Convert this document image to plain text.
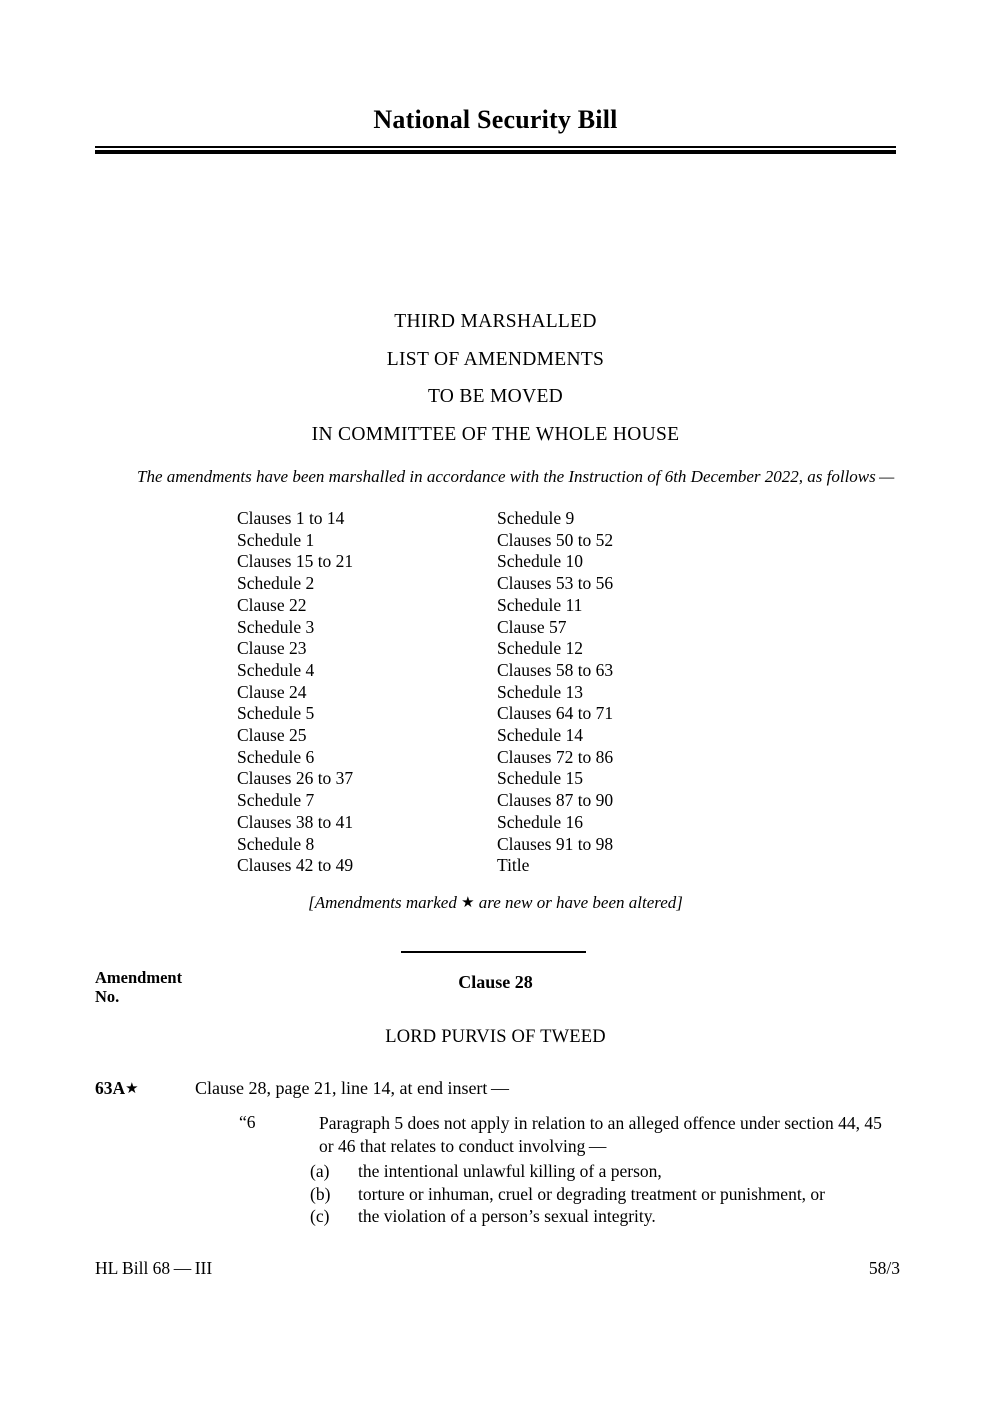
National Security Bill
THIRD MARSHALLED
LIST OF AMENDMENTS
TO BE MOVED
IN COMMITTEE OF THE WHOLE HOUSE
The amendments have been marshalled in accordance with the Instruction of 6th December 2022, as follows —
Clauses 1 to 14
Schedule 1
Clauses 15 to 21
Schedule 2
Clause 22
Schedule 3
Clause 23
Schedule 4
Clause 24
Schedule 5
Clause 25
Schedule 6
Clauses 26 to 37
Schedule 7
Clauses 38 to 41
Schedule 8
Clauses 42 to 49
Schedule 9
Clauses 50 to 52
Schedule 10
Clauses 53 to 56
Schedule 11
Clause 57
Schedule 12
Clauses 58 to 63
Schedule 13
Clauses 64 to 71
Schedule 14
Clauses 72 to 86
Schedule 15
Clauses 87 to 90
Schedule 16
Clauses 91 to 98
Title
[Amendments marked ★ are new or have been altered]
Amendment
No.
Clause 28
LORD PURVIS OF TWEED
63A★	Clause 28, page 21, line 14, at end insert —
“6	Paragraph 5 does not apply in relation to an alleged offence under section 44, 45 or 46 that relates to conduct involving —
(a) the intentional unlawful killing of a person,
(b) torture or inhuman, cruel or degrading treatment or punishment, or
(c) the violation of a person’s sexual integrity.
HL Bill 68 — III	58/3
